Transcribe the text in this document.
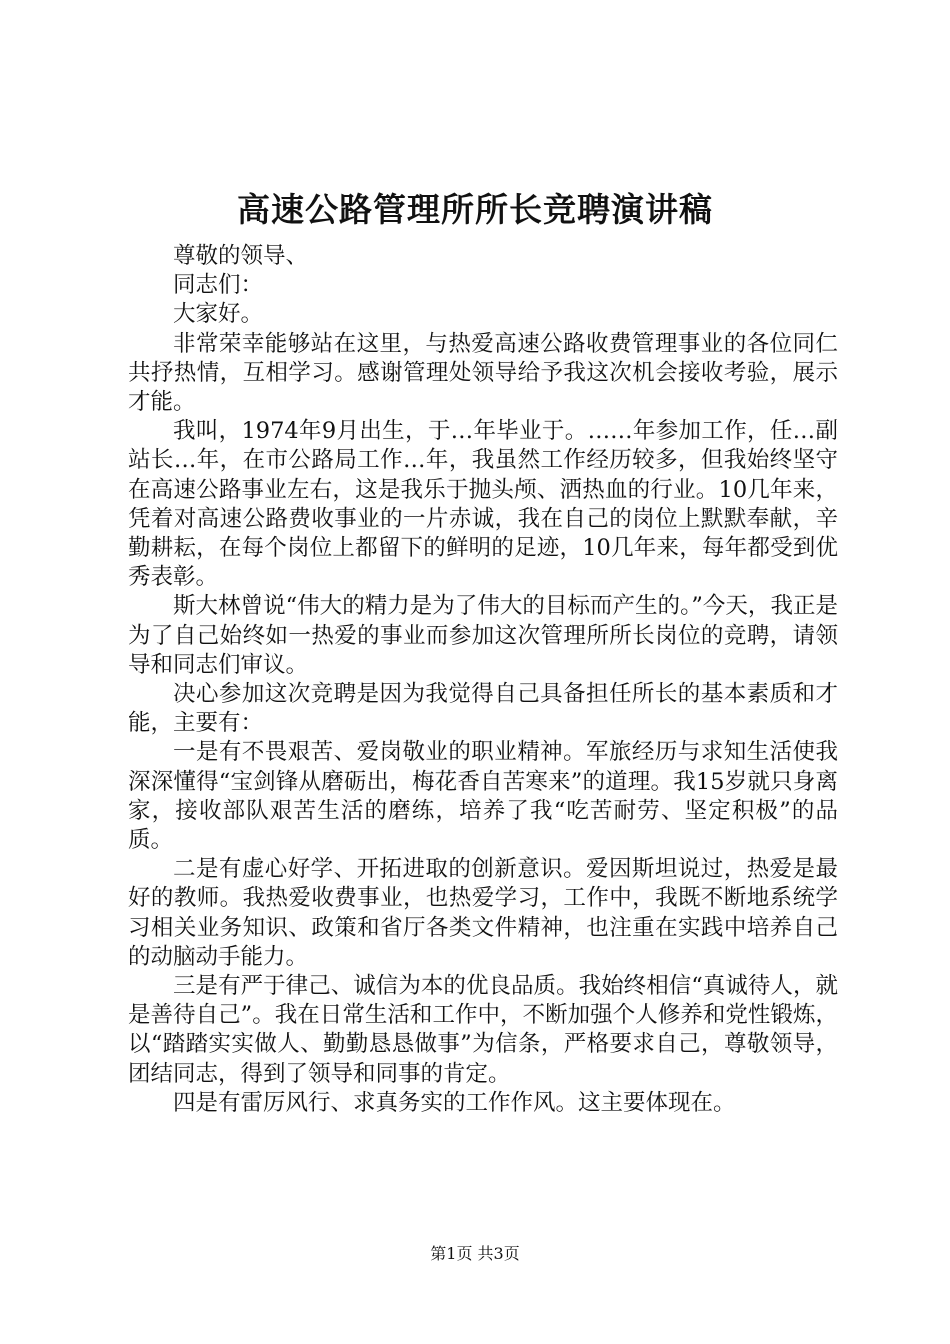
高速公路管理所所长竞聘演讲稿

尊敬的领导、

同志们：

大家好。

非常荣幸能够站在这里，与热爱高速公路收费管理事业的各位同仁共抒热情，互相学习。感谢管理处领导给予我这次机会接收考验，展示才能。

我叫，1974年9月出生，于…年毕业于。……年参加工作，任…副站长…年，在市公路局工作…年，我虽然工作经历较多，但我始终坚守在高速公路事业左右，这是我乐于抛头颅、洒热血的行业。10几年来，凭着对高速公路费收事业的一片赤诚，我在自己的岗位上默默奉献，辛勤耕耘，在每个岗位上都留下的鲜明的足迹，10几年来，每年都受到优秀表彰。

斯大林曾说“伟大的精力是为了伟大的目标而产生的。”今天，我正是为了自己始终如一热爱的事业而参加这次管理所所长岗位的竞聘，请领导和同志们审议。

决心参加这次竞聘是因为我觉得自己具备担任所长的基本素质和才能，主要有：

一是有不畏艰苦、爱岗敬业的职业精神。军旅经历与求知生活使我深深懂得“宝剑锋从磨砺出，梅花香自苦寒来”的道理。我15岁就只身离家，接收部队艰苦生活的磨练，培养了我“吃苦耐劳、坚定积极”的品质。

二是有虚心好学、开拓进取的创新意识。爱因斯坦说过，热爱是最好的教师。我热爱收费事业，也热爱学习，工作中，我既不断地系统学习相关业务知识、政策和省厅各类文件精神，也注重在实践中培养自己的动脑动手能力。

三是有严于律己、诚信为本的优良品质。我始终相信“真诚待人，就是善待自己”。我在日常生活和工作中，不断加强个人修养和党性锻炼，以“踏踏实实做人、勤勤恳恳做事”为信条，严格要求自己，尊敬领导，团结同志，得到了领导和同事的肯定。

四是有雷厉风行、求真务实的工作作风。这主要体现在。

第1页 共3页
